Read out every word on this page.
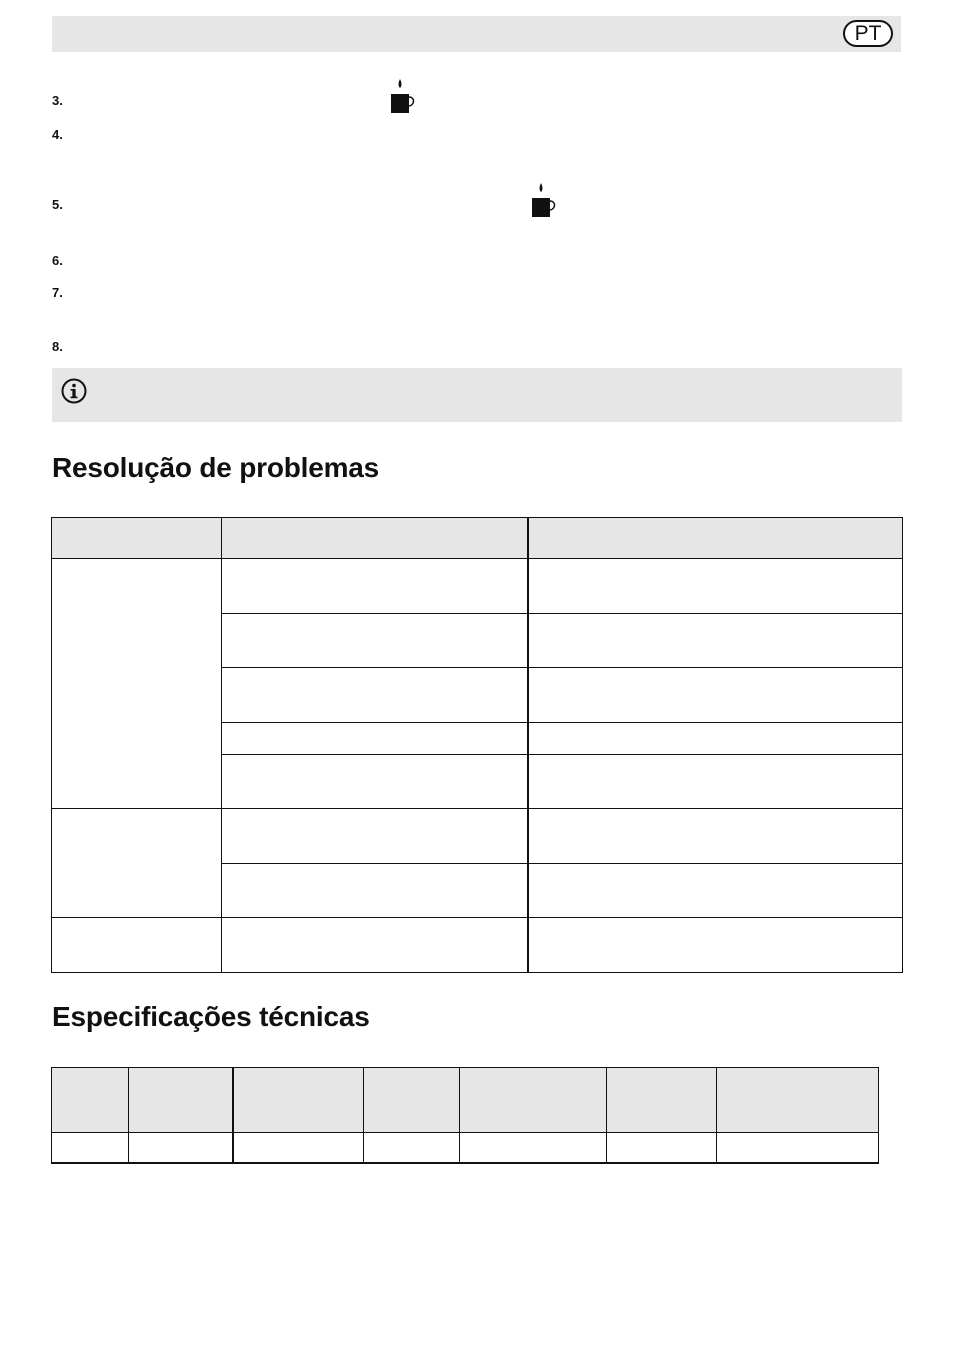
PT
3.
4.
5.
6.
7.
8.
Resolução de problemas

Especificações técnicas
